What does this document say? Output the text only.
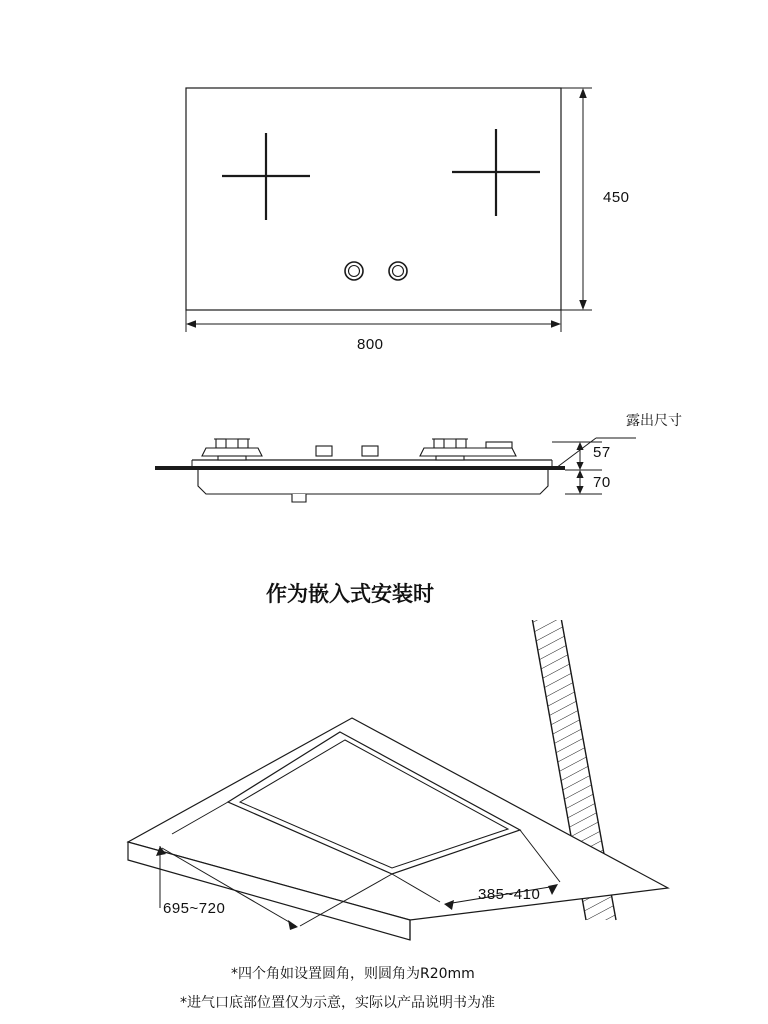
800
450
露出尺寸
57
70
作为嵌入式安装时
695~720
385~410
*四个角如设置圆角，则圆角为R20mm
*进气口底部位置仅为示意，实际以产品说明书为准
